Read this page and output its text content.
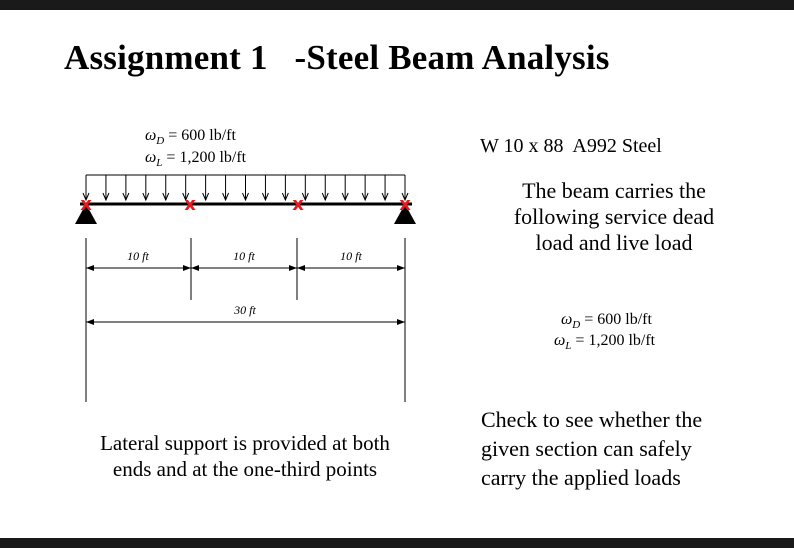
Assignment 1   -Steel Beam Analysis
$\omega_D = 600$ lb/ft
$\omega_L = 1,200$ lb/ft
10 ft	10 ft	10 ft
30 ft
x	x	x	x
W 10 x 88  A992 Steel
The beam carries the
following service dead
load and live load
$\omega_D = 600$ lb/ft
$\omega_L = 1,200$ lb/ft
Check to see whether the
given section can safely
carry the applied loads
Lateral support is provided at both
ends and at the one-third points
